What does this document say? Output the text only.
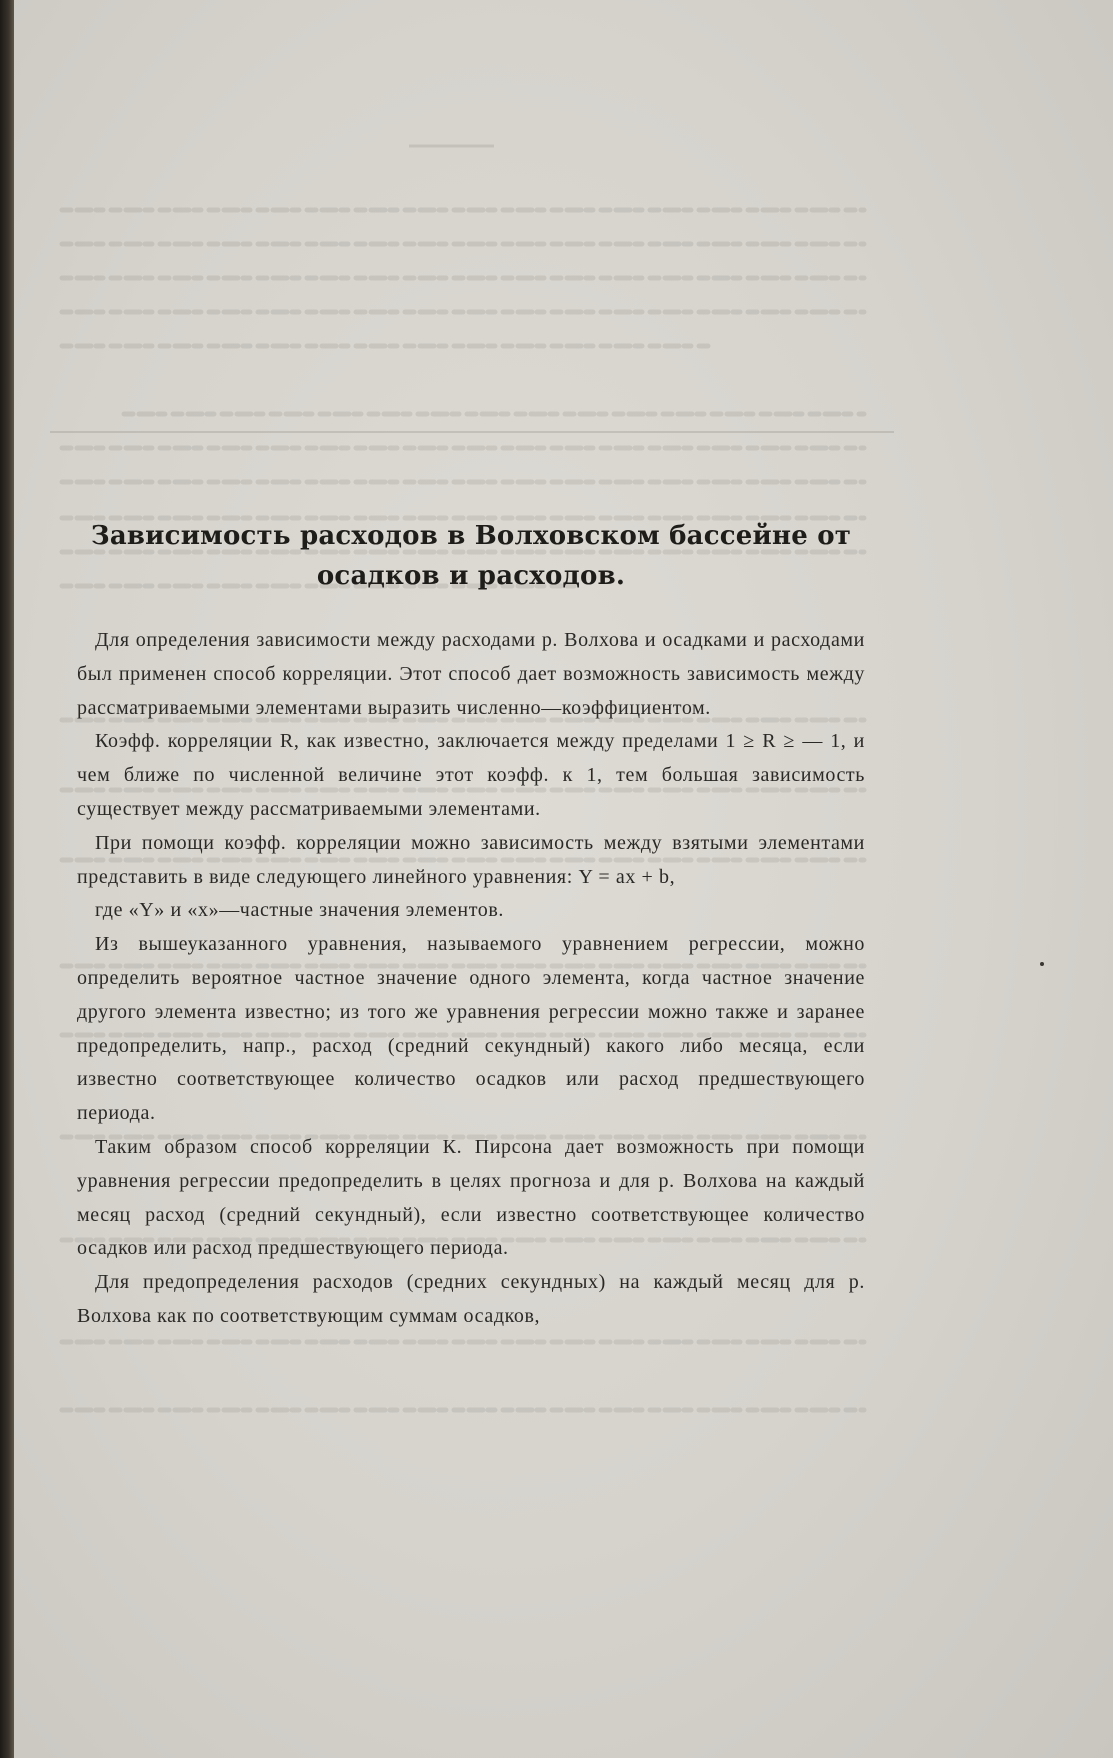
Зависимость расходов в Волховском бассейне от
осадков и расходов.

Для определения зависимости между расходами р. Волхова и осадками и расходами был применен способ корреляции. Этот способ дает возможность зависимость между рассматриваемыми элементами выразить численно—коэффициентом.

Коэфф. корреляции R, как известно, заключается между пределами 1 ≥ R ≥ — 1, и чем ближе по численной величине этот коэфф. к 1, тем большая зависимость существует между рассматриваемыми элементами.

При помощи коэфф. корреляции можно зависимость между взятыми элементами представить в виде следующего линейного уравнения: Y = ax + b,

где «Y» и «x»—частные значения элементов.

Из вышеуказанного уравнения, называемого уравнением регрессии, можно определить вероятное частное значение одного элемента, когда частное значение другого элемента известно; из того же уравнения регрессии можно также и заранее предопределить, напр., расход (средний секундный) какого либо месяца, если известно соответствующее количество осадков или расход предшествующего периода.

Таким образом способ корреляции К. Пирсона дает возможность при помощи уравнения регрессии предопределить в целях прогноза и для р. Волхова на каждый месяц расход (средний секундный), если известно соответствующее количество осадков или расход предшествующего периода.

Для предопределения расходов (средних секундных) на каждый месяц для р. Волхова как по соответствующим суммам осадков,
